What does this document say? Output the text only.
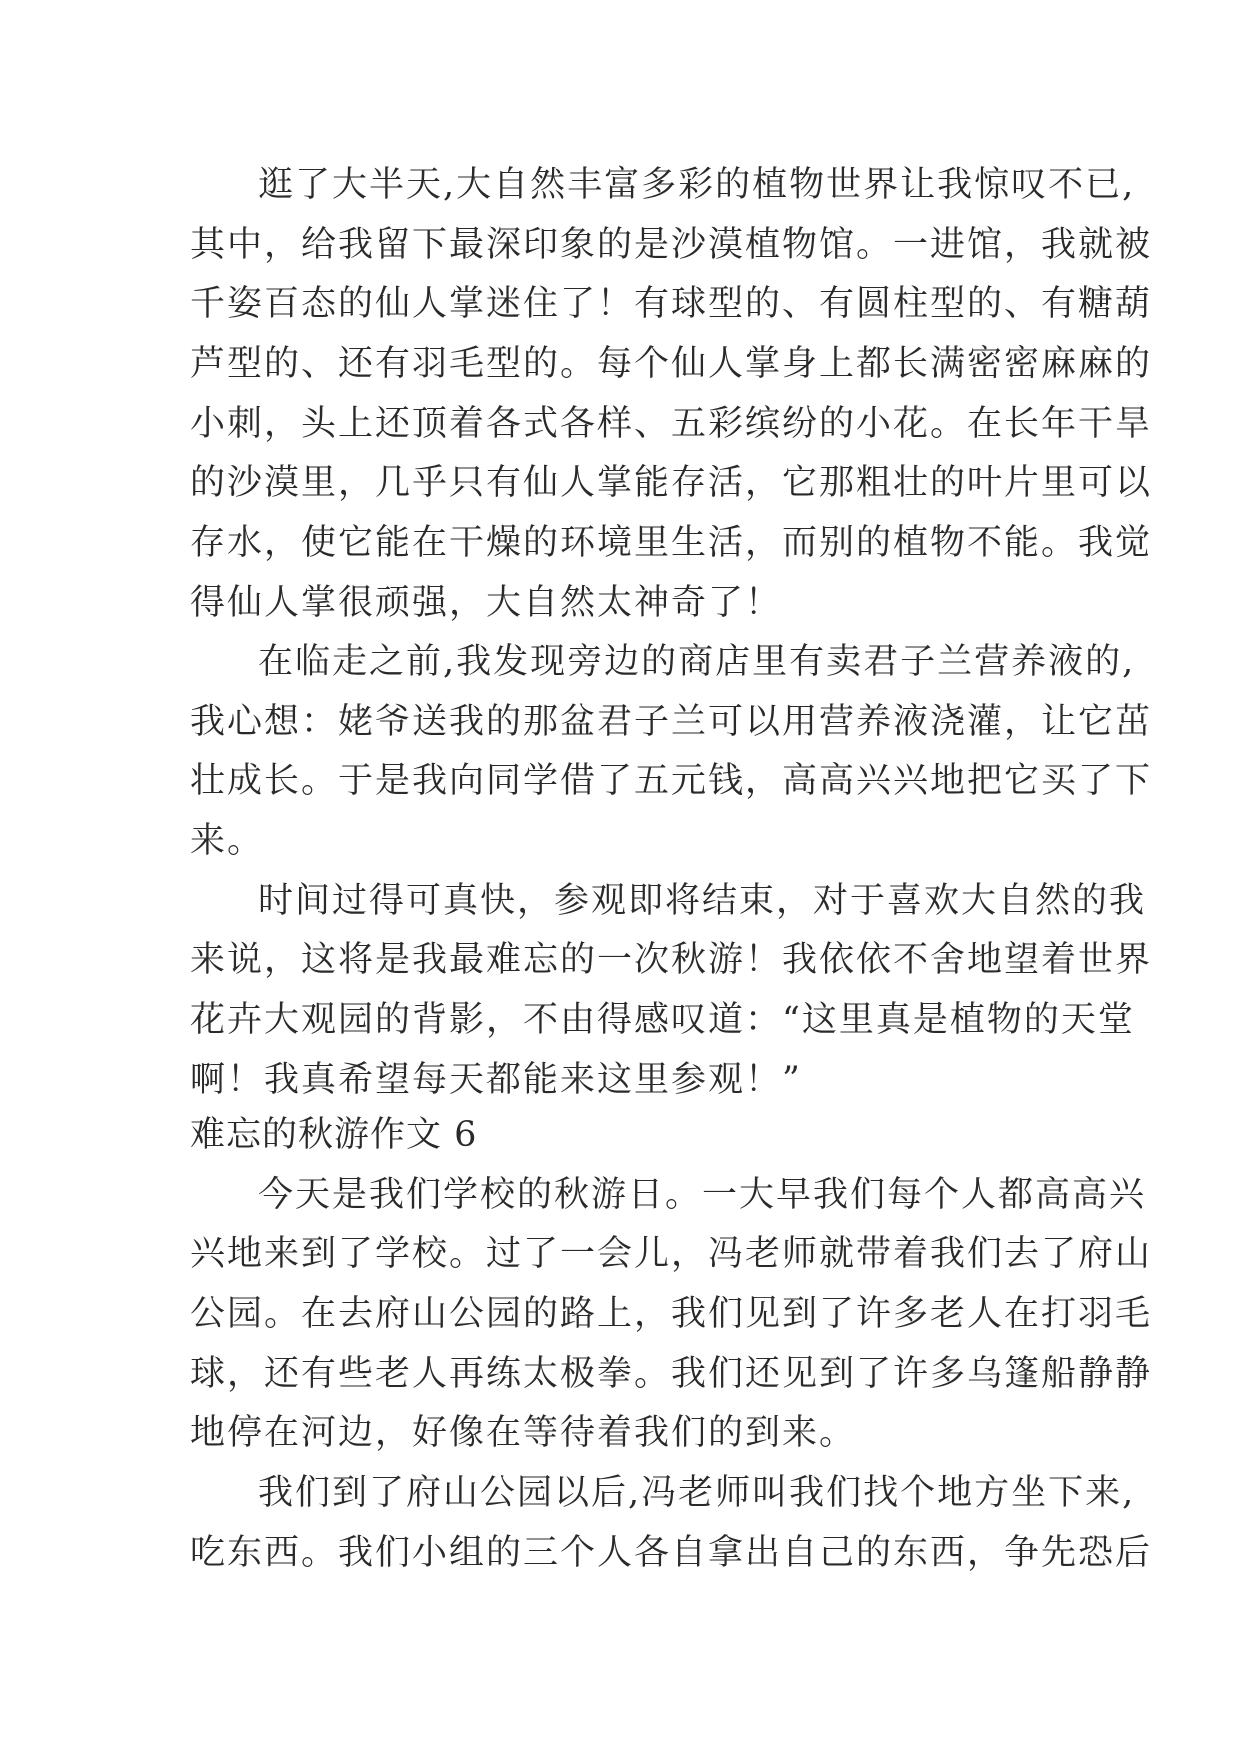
逛了大半天,大自然丰富多彩的植物世界让我惊叹不已,
其中，给我留下最深印象的是沙漠植物馆。一进馆，我就被
千姿百态的仙人掌迷住了！有球型的、有圆柱型的、有糖葫
芦型的、还有羽毛型的。每个仙人掌身上都长满密密麻麻的
小刺，头上还顶着各式各样、五彩缤纷的小花。在长年干旱
的沙漠里，几乎只有仙人掌能存活，它那粗壮的叶片里可以
存水，使它能在干燥的环境里生活，而别的植物不能。我觉
得仙人掌很顽强，大自然太神奇了！
在临走之前,我发现旁边的商店里有卖君子兰营养液的,
我心想：姥爷送我的那盆君子兰可以用营养液浇灌，让它茁
壮成长。于是我向同学借了五元钱，高高兴兴地把它买了下
来。
时间过得可真快，参观即将结束，对于喜欢大自然的我
来说，这将是我最难忘的一次秋游！我依依不舍地望着世界
花卉大观园的背影，不由得感叹道：“这里真是植物的天堂
啊！我真希望每天都能来这里参观！”
难忘的秋游作文 6
今天是我们学校的秋游日。一大早我们每个人都高高兴
兴地来到了学校。过了一会儿，冯老师就带着我们去了府山
公园。在去府山公园的路上，我们见到了许多老人在打羽毛
球，还有些老人再练太极拳。我们还见到了许多乌篷船静静
地停在河边，好像在等待着我们的到来。
我们到了府山公园以后,冯老师叫我们找个地方坐下来,
吃东西。我们小组的三个人各自拿出自己的东西，争先恐后
